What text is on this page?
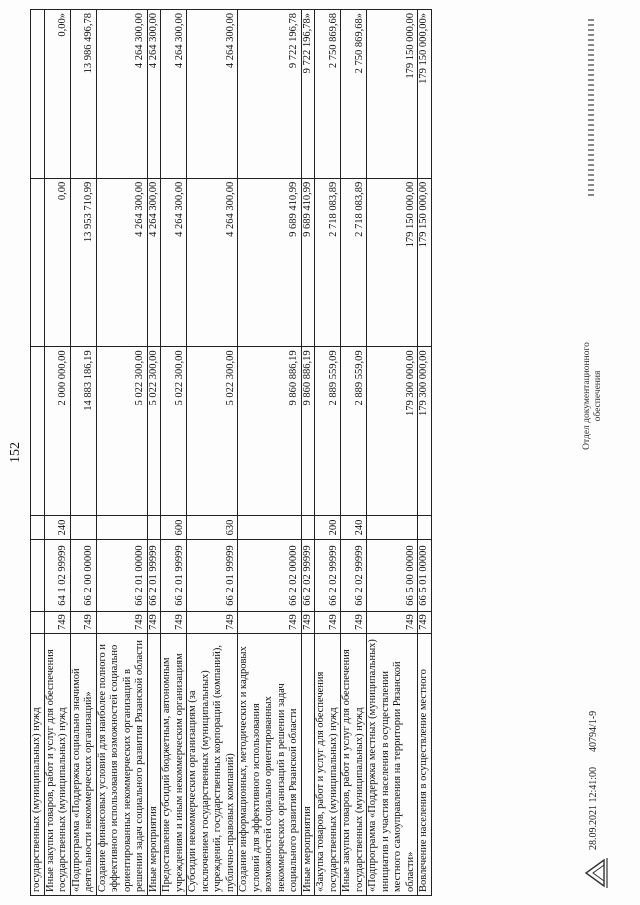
152
государственных (муниципальных) нужд						
Иные закупки товаров, работ и услуг для обеспечения государственных (муниципальных) нужд	749	64 1 02 99999	240	2 000 000,00	0,00	0,00»
«Подпрограмма «Поддержка социально значимой деятельности некоммерческих организаций»	749	66 2 00 00000		14 883 186,19	13 953 710,99	13 986 496,78
Создание финансовых условий для наиболее полного и эффективного использования возможностей социально ориентированных некоммерческих организаций в решении задач социального развития Рязанской области	749	66 2 01 00000		5 022 300,00	4 264 300,00	4 264 300,00
Иные мероприятия	749	66 2 01 99999		5 022 300,00	4 264 300,00	4 264 300,00
Предоставление субсидий бюджетным, автономным учреждениям и иным некоммерческим организациям	749	66 2 01 99999	600	5 022 300,00	4 264 300,00	4 264 300,00
Субсидии некоммерческим организациям (за исключением государственных (муниципальных) учреждений, государственных корпораций (компаний), публично-правовых компаний)	749	66 2 01 99999	630	5 022 300,00	4 264 300,00	4 264 300,00
Создание информационных, методических и кадровых условий для эффективного использования возможностей социально ориентированных некоммерческих организаций в решении задач социального развития Рязанской области	749	66 2 02 00000		9 860 886,19	9 689 410,99	9 722 196,78
Иные мероприятия	749	66 2 02 99999		9 860 886,19	9 689 410,99	9 722 196,78»
«Закупка товаров, работ и услуг для обеспечения государственных (муниципальных) нужд	749	66 2 02 99999	200	2 889 559,09	2 718 083,89	2 750 869,68
Иные закупки товаров, работ и услуг для обеспечения государственных (муниципальных) нужд	749	66 2 02 99999	240	2 889 559,09	2 718 083,89	2 750 869,68»
«Подпрограмма «Поддержка местных (муниципальных) инициатив и участия населения в осуществлении местного самоуправления на территории Рязанской области»	749	66 5 00 00000		179 300 000,00	179 150 000,00	179 150 000,00
Вовлечение населения в осуществление местного	749	66 5 01 00000		179 300 000,00	179 150 000,00	179 150 000,00»
28.09.2021 12:41:00      40794/1-9
Отдел документационного обеспечения
